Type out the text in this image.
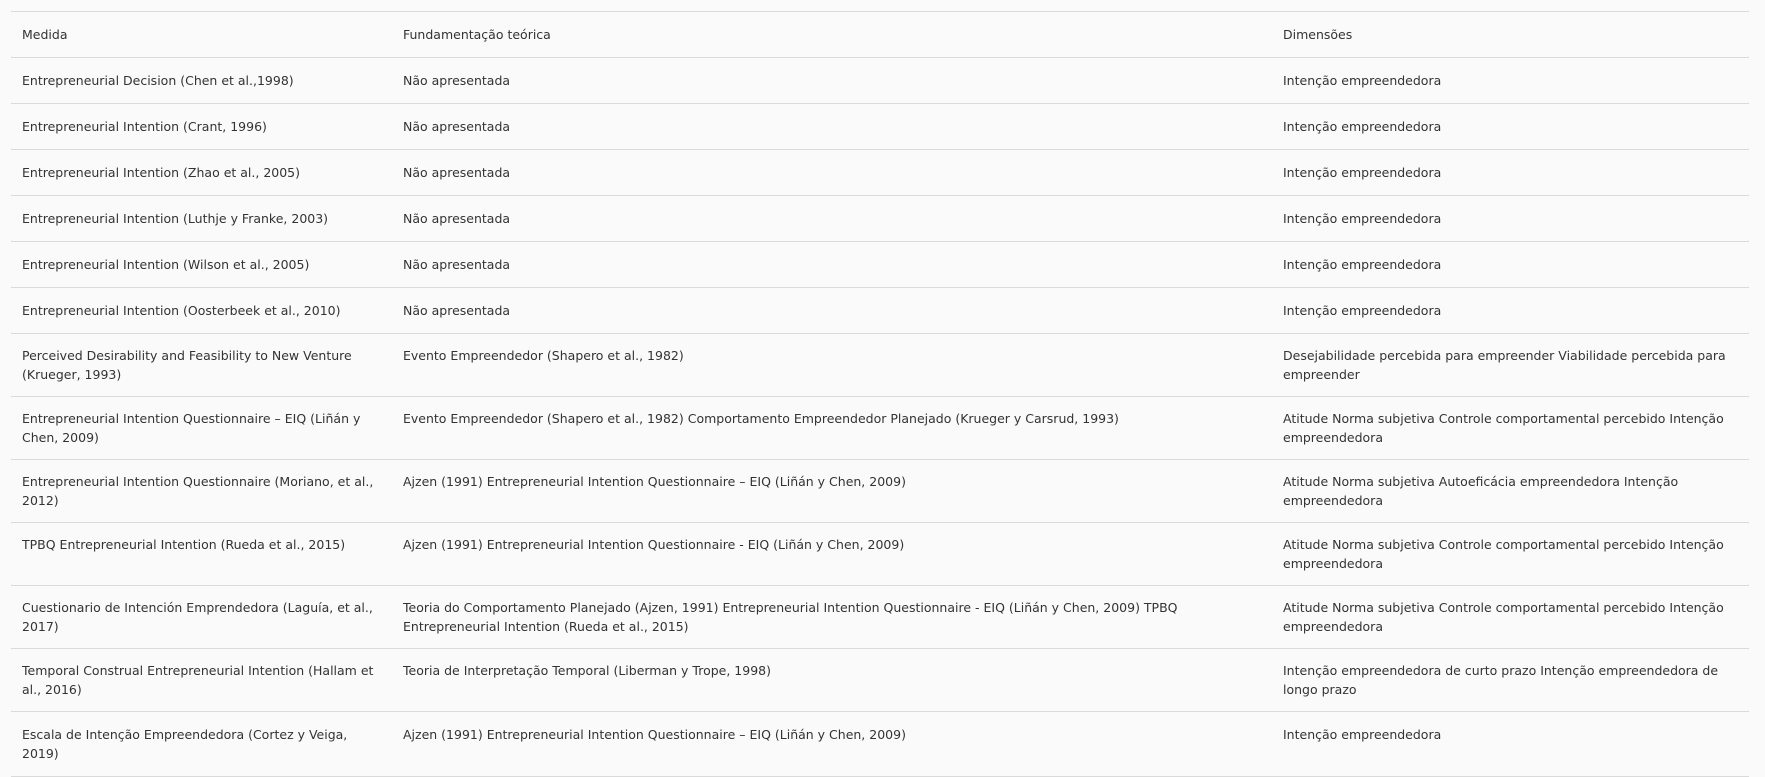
Medida	Fundamentação teórica	Dimensões
Entrepreneurial Decision (Chen et al.,1998)	Não apresentada	Intenção empreendedora
Entrepreneurial Intention (Crant, 1996)	Não apresentada	Intenção empreendedora
Entrepreneurial Intention (Zhao et al., 2005)	Não apresentada	Intenção empreendedora
Entrepreneurial Intention (Luthje y Franke, 2003)	Não apresentada	Intenção empreendedora
Entrepreneurial Intention (Wilson et al., 2005)	Não apresentada	Intenção empreendedora
Entrepreneurial Intention (Oosterbeek et al., 2010)	Não apresentada	Intenção empreendedora
Perceived Desirability and Feasibility to New Venture (Krueger, 1993)	Evento Empreendedor (Shapero et al., 1982)	Desejabilidade percebida para empreender Viabilidade percebida para empreender
Entrepreneurial Intention Questionnaire – EIQ (Liñán y Chen, 2009)	Evento Empreendedor (Shapero et al., 1982) Comportamento Empreendedor Planejado (Krueger y Carsrud, 1993)	Atitude Norma subjetiva Controle comportamental percebido Intenção empreendedora
Entrepreneurial Intention Questionnaire (Moriano, et al., 2012)	Ajzen (1991) Entrepreneurial Intention Questionnaire – EIQ (Liñán y Chen, 2009)	Atitude Norma subjetiva Autoeficácia empreendedora Intenção empreendedora
TPBQ Entrepreneurial Intention (Rueda et al., 2015)	Ajzen (1991) Entrepreneurial Intention Questionnaire - EIQ (Liñán y Chen, 2009)	Atitude Norma subjetiva Controle comportamental percebido Intenção empreendedora
Cuestionario de Intención Emprendedora (Laguía, et al., 2017)	Teoria do Comportamento Planejado (Ajzen, 1991) Entrepreneurial Intention Questionnaire - EIQ (Liñán y Chen, 2009) TPBQ Entrepreneurial Intention (Rueda et al., 2015)	Atitude Norma subjetiva Controle comportamental percebido Intenção empreendedora
Temporal Construal Entrepreneurial Intention (Hallam et al., 2016)	Teoria de Interpretação Temporal (Liberman y Trope, 1998)	Intenção empreendedora de curto prazo Intenção empreendedora de longo prazo
Escala de Intenção Empreendedora (Cortez y Veiga, 2019)	Ajzen (1991) Entrepreneurial Intention Questionnaire – EIQ (Liñán y Chen, 2009)	Intenção empreendedora
